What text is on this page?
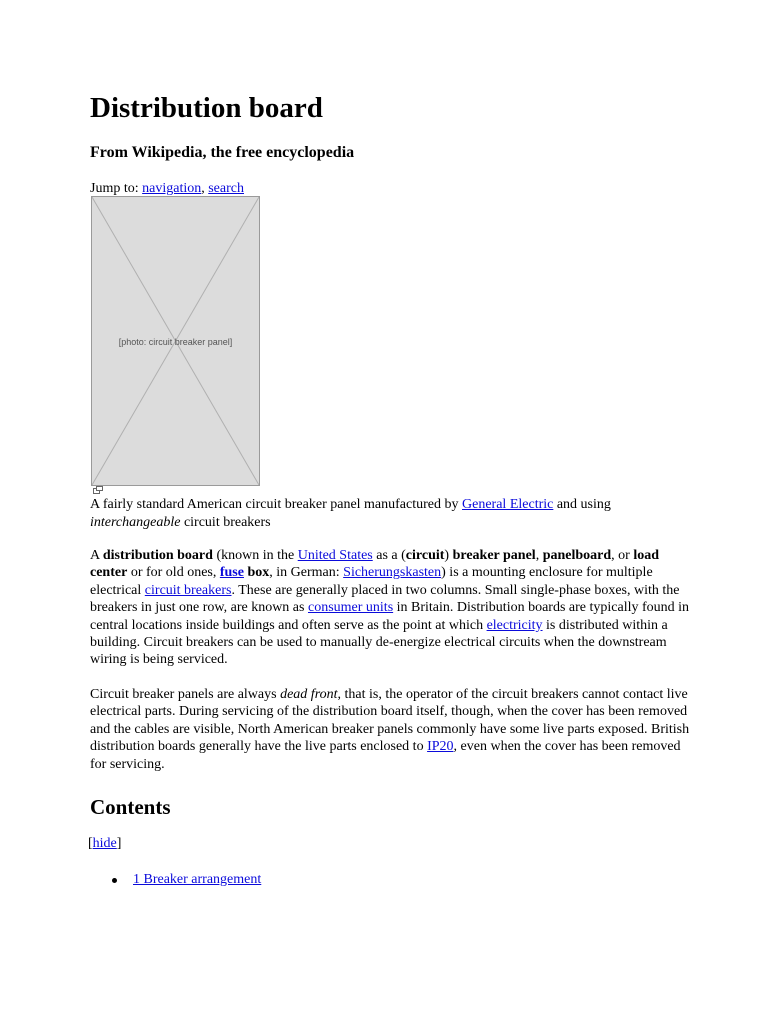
Distribution board
From Wikipedia, the free encyclopedia
Jump to: navigation, search
[photo: circuit breaker panel]

A fairly standard American circuit breaker panel manufactured by General Electric and using interchangeable circuit breakers

A distribution board (known in the United States as a (circuit) breaker panel, panelboard, or load center or for old ones, fuse box, in German: Sicherungskasten) is a mounting enclosure for multiple electrical circuit breakers. These are generally placed in two columns. Small single-phase boxes, with the breakers in just one row, are known as consumer units in Britain. Distribution boards are typically found in central locations inside buildings and often serve as the point at which electricity is distributed within a building. Circuit breakers can be used to manually de-energize electrical circuits when the downstream wiring is being serviced.

Circuit breaker panels are always dead front, that is, the operator of the circuit breakers cannot contact live electrical parts. During servicing of the distribution board itself, though, when the cover has been removed and the cables are visible, North American breaker panels commonly have some live parts exposed. British distribution boards generally have the live parts enclosed to IP20, even when the cover has been removed for servicing.

Contents
[hide]
1 Breaker arrangement
